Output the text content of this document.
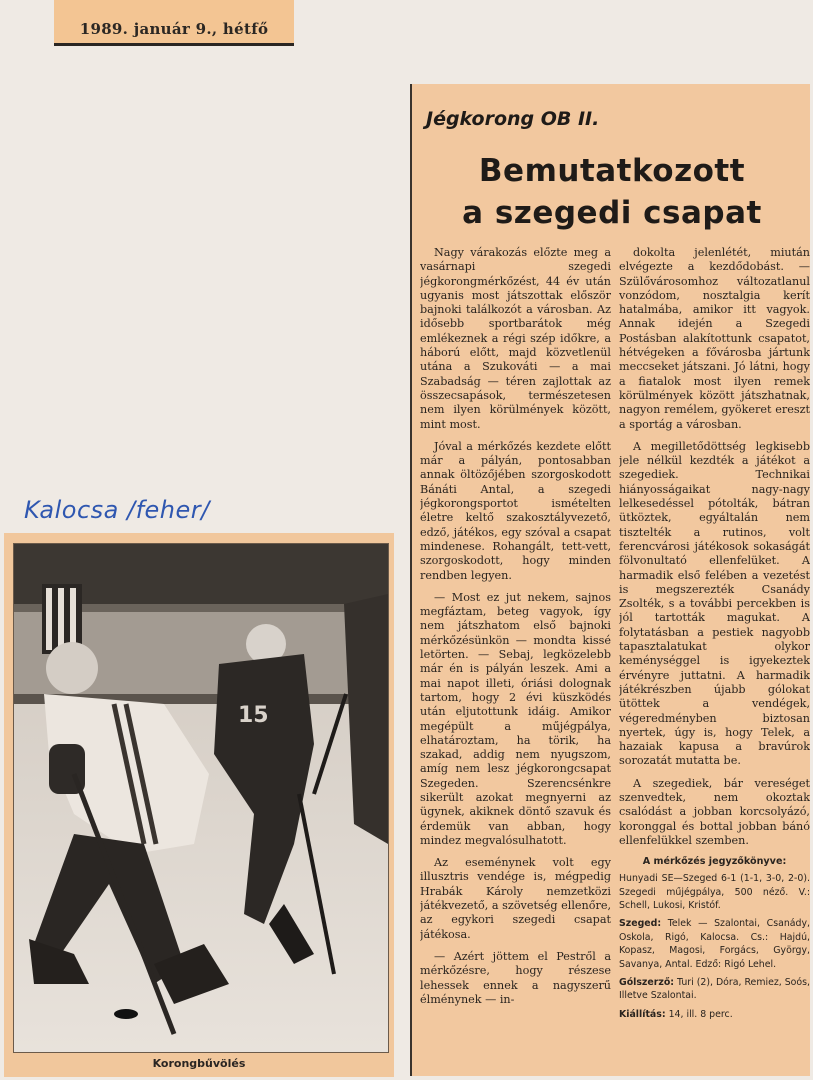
1989. január 9., hétfő
Kalocsa /feher/
15
Korongbűvölés
Jégkorong OB II.
Bemutatkozott
a szegedi csapat

Nagy várakozás előzte meg a vasárnapi szegedi jégkorongmérkőzést, 44 év után ugyanis most játszottak először bajnoki találkozót a városban. Az idősebb sportbarátok még emlékeznek a régi szép időkre, a háború előtt, majd közvetlenül utána a Szukováti — a mai Szabadság — téren zajlottak az összecsapások, természetesen nem ilyen körülmények között, mint most.

Jóval a mérkőzés kezdete előtt már a pályán, pontosabban annak öltözőjében szorgoskodott Bánáti Antal, a szegedi jégkorongsportot ismételten életre keltő szakosztályvezető, edző, játékos, egy szóval a csapat mindenese. Rohangált, tett-vett, szorgoskodott, hogy minden rendben legyen.

— Most ez jut nekem, sajnos megfáztam, beteg vagyok, így nem játszhatom első bajnoki mérkőzésünkön — mondta kissé letörten. — Sebaj, legközelebb már én is pályán leszek. Ami a mai napot illeti, óriási dolognak tartom, hogy 2 évi küszködés után eljutottunk idáig. Amikor megépült a műjégpálya, elhatároztam, ha törik, ha szakad, addig nem nyugszom, amíg nem lesz jégkorongcsapat Szegeden. Szerencsénkre sikerült azokat megnyerni az ügynek, akiknek döntő szavuk és érdemük van abban, hogy mindez megvalósulhatott.

Az eseménynek volt egy illusztris vendége is, mégpedig Hrabák Károly nemzetközi játékvezető, a szövetség ellenőre, az egykori szegedi csapat játékosa.

— Azért jöttem el Pestről a mérkőzésre, hogy részese lehessek ennek a nagyszerű élménynek — in-

dokolta jelenlétét, miután elvégezte a kezdődobást. — Szülővárosomhoz változatlanul vonzódom, nosztalgia kerít hatalmába, amikor itt vagyok. Annak idején a Szegedi Postásban alakítottunk csapatot, hétvégeken a fővárosba jártunk meccseket játszani. Jó látni, hogy a fiatalok most ilyen remek körülmények között játszhatnak, nagyon remélem, gyökeret ereszt a sportág a városban.

A megilletődöttség legkisebb jele nélkül kezdték a játékot a szegediek. Technikai hiányosságaikat nagy-nagy lelkesedéssel pótolták, bátran ütköztek, egyáltalán nem tisztelték a rutinos, volt ferencvárosi játékosok sokaságát fölvonultató ellenfelüket. A harmadik első felében a vezetést is megszerezték Csanády Zsolték, s a további percekben is jól tartották magukat. A folytatásban a pestiek nagyobb tapasztalatukat olykor keménységgel is igyekeztek érvényre juttatni. A harmadik játékrészben újabb gólokat ütöttek a vendégek, végeredményben biztosan nyertek, úgy is, hogy Telek, a hazaiak kapusa a bravúrok sorozatát mutatta be.

A szegediek, bár vereséget szenvedtek, nem okoztak csalódást a jobban korcsolyázó, koronggal és bottal jobban bánó ellenfelükkel szemben.

A mérkőzés jegyzőkönyve:

Hunyadi SE—Szeged 6-1 (1-1, 3-0, 2-0). Szegedi műjégpálya, 500 néző. V.: Schell, Lukosi, Kristóf.

Szeged: Telek — Szalontai, Csanády, Oskola, Rigó, Kalocsa. Cs.: Hajdú, Kopasz, Magosi, Forgács, György, Savanya, Antal. Edző: Rigó Lehel.

Gólszerző: Turi (2), Dóra, Remiez, Soós, Illetve Szalontai.

Kiállítás: 14, ill. 8 perc.
